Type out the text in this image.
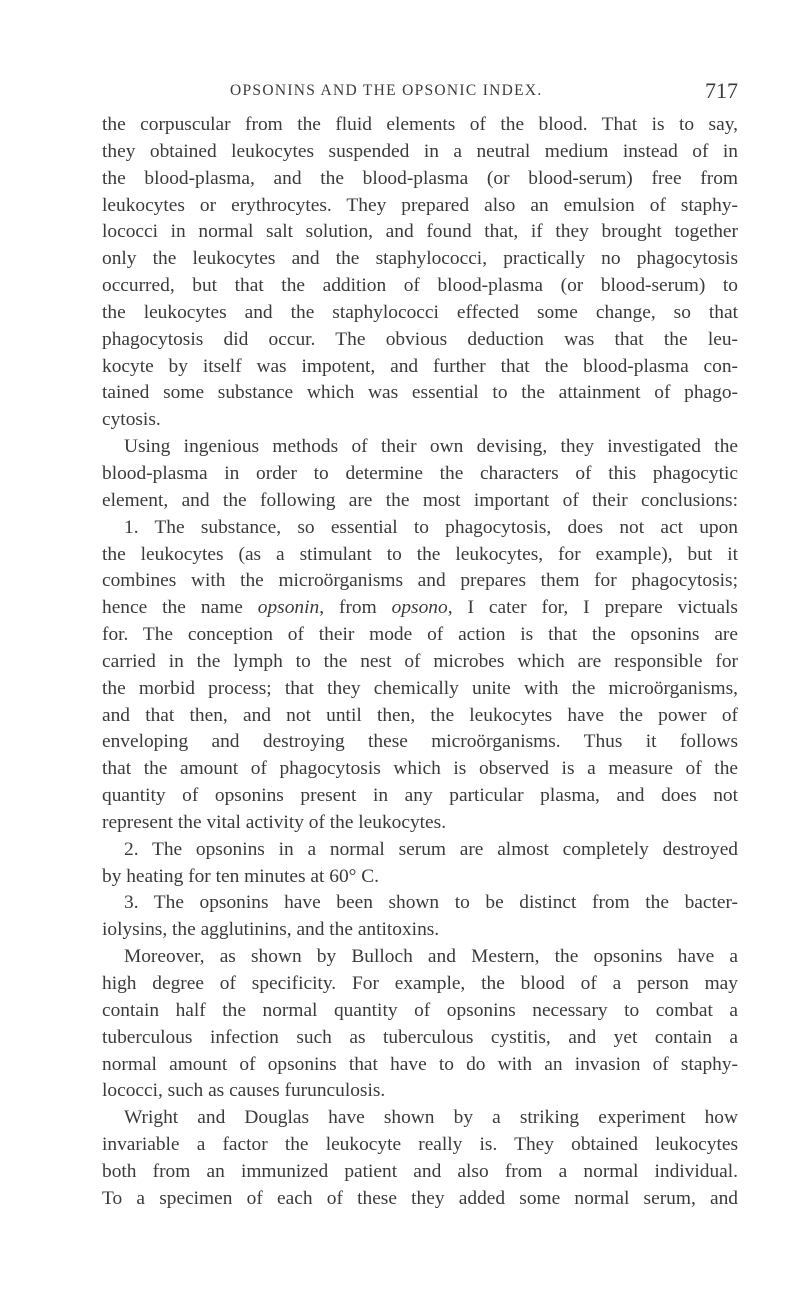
OPSONINS AND THE OPSONIC INDEX.	717
the corpuscular from the fluid elements of the blood. That is to say,
they obtained leukocytes suspended in a neutral medium instead of in
the blood-plasma, and the blood-plasma (or blood-serum) free from
leukocytes or erythrocytes. They prepared also an emulsion of staphy-
lococci in normal salt solution, and found that, if they brought together
only the leukocytes and the staphylococci, practically no phagocytosis
occurred, but that the addition of blood-plasma (or blood-serum) to
the leukocytes and the staphylococci effected some change, so that
phagocytosis did occur. The obvious deduction was that the leu-
kocyte by itself was impotent, and further that the blood-plasma con-
tained some substance which was essential to the attainment of phago-
cytosis.
Using ingenious methods of their own devising, they investigated the
blood-plasma in order to determine the characters of this phagocytic
element, and the following are the most important of their conclusions:
1. The substance, so essential to phagocytosis, does not act upon
the leukocytes (as a stimulant to the leukocytes, for example), but it
combines with the microörganisms and prepares them for phagocytosis;
hence the name opsonin, from opsono, I cater for, I prepare victuals
for. The conception of their mode of action is that the opsonins are
carried in the lymph to the nest of microbes which are responsible for
the morbid process; that they chemically unite with the microörganisms,
and that then, and not until then, the leukocytes have the power of
enveloping and destroying these microörganisms. Thus it follows
that the amount of phagocytosis which is observed is a measure of the
quantity of opsonins present in any particular plasma, and does not
represent the vital activity of the leukocytes.
2. The opsonins in a normal serum are almost completely destroyed
by heating for ten minutes at 60° C.
3. The opsonins have been shown to be distinct from the bacter-
iolysins, the agglutinins, and the antitoxins.
Moreover, as shown by Bulloch and Mestern, the opsonins have a
high degree of specificity. For example, the blood of a person may
contain half the normal quantity of opsonins necessary to combat a
tuberculous infection such as tuberculous cystitis, and yet contain a
normal amount of opsonins that have to do with an invasion of staphy-
lococci, such as causes furunculosis.
Wright and Douglas have shown by a striking experiment how
invariable a factor the leukocyte really is. They obtained leukocytes
both from an immunized patient and also from a normal individual.
To a specimen of each of these they added some normal serum, and
